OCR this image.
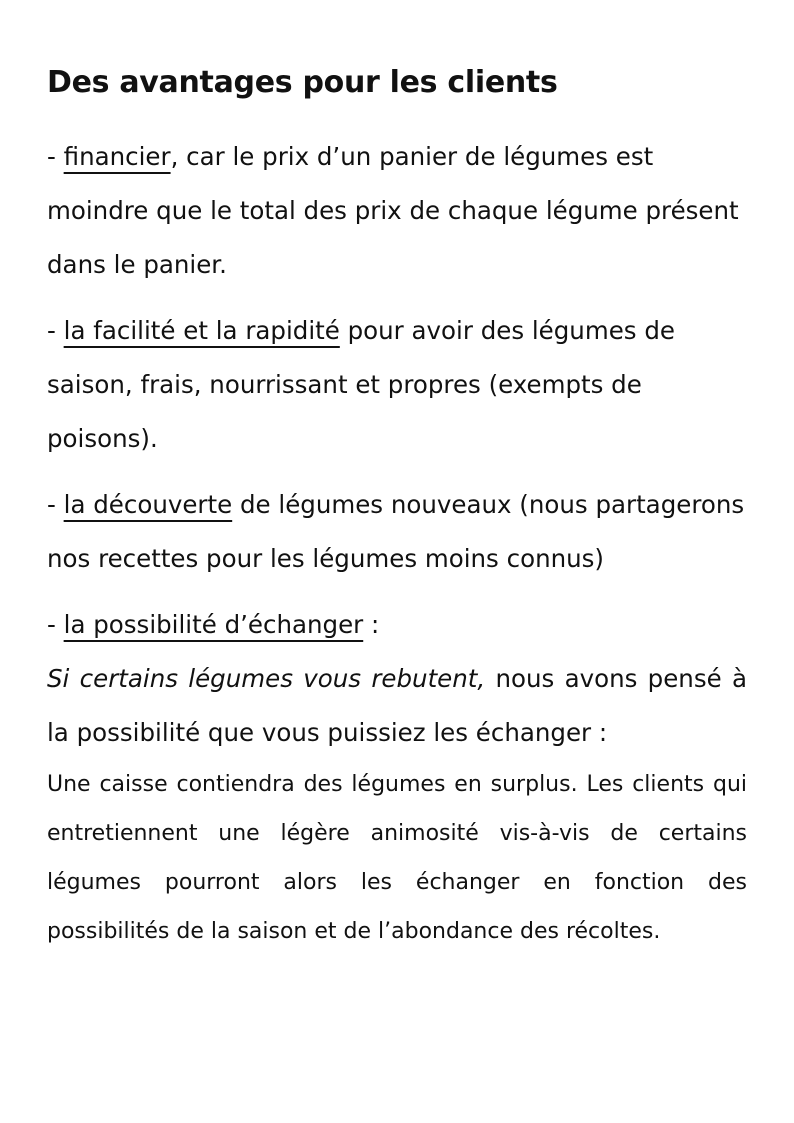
Des avantages pour les clients

- financier, car le prix d’un panier de légumes est moindre que le total des prix de chaque légume présent dans le panier.

- la facilité et la rapidité pour avoir des légumes de saison, frais, nourrissant et propres (exempts de poisons).

- la découverte de légumes nouveaux (nous partagerons nos recettes pour les légumes moins connus)

- la possibilité d’échanger :

Si certains légumes vous rebutent, nous avons pensé à la possibilité que vous puissiez les échanger :

Une caisse contiendra des légumes en surplus. Les clients qui entretiennent une légère animosité vis-à-vis de certains légumes pourront alors les échanger en fonction des possibilités de la saison et de l’abondance des récoltes.
